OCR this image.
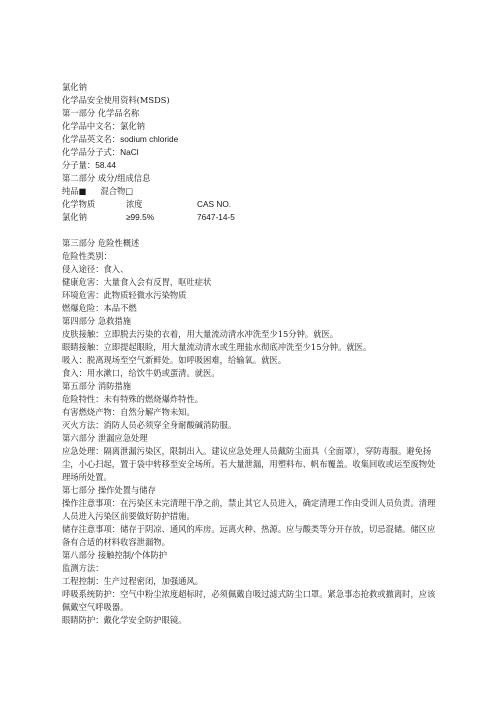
氯化钠
化学品安全使用资料(MSDS)
第一部分 化学品名称
化学品中文名：氯化钠
化学品英文名：sodium chloride
化学品分子式：NaCl
分子量：58.44
第二部分 成分/组成信息
纯品■ 混合物□
化学物质	浓度	CAS NO.
氯化钠	≥99.5%	7647-14-5
第三部分 危险性概述
危险性类别：
侵入途径：食入、
健康危害：大量食入会有反胃，呕吐症状
环境危害：此物质轻微水污染物质
燃爆危险：本品不燃
第四部分 急救措施
皮肤接触：立即脱去污染的衣着，用大量流动清水冲洗至少15分钟。就医。
眼睛接触：立即提起眼睑，用大量流动清水或生理盐水彻底冲洗至少15分钟。就医。
吸入：脱离现场至空气新鲜处。如呼吸困难，给输氧。就医。
食入：用水漱口，给饮牛奶或蛋清。就医。
第五部分 消防措施
危险特性：未有特殊的燃烧爆炸特性。
有害燃烧产物：自然分解产物未知。
灭火方法：消防人员必须穿全身耐酸碱消防服。
第六部分 泄漏应急处理
应急处理：隔离泄漏污染区，限制出入。建议应急处理人员戴防尘面具（全面罩），穿防毒服。避免扬尘，小心扫起，置于袋中转移至安全场所。若大量泄漏，用塑料布、帆布覆盖。收集回收或运至废物处理场所处置。
第七部分 操作处置与储存
操作注意事项：在污染区未完清理干净之前，禁止其它人员进入，确定清理工作由受训人员负责。清理人员进入污染区前要做好防护措施。
储存注意事项：储存于阴凉、通风的库房。远离火种、热源。应与酸类等分开存放，切忌混储。储区应备有合适的材料收容泄漏物。
第八部分 接触控制/个体防护
监测方法：
工程控制：生产过程密闭，加强通风。
呼吸系统防护：空气中粉尘浓度超标时，必须佩戴自吸过滤式防尘口罩。紧急事态抢救或撤离时，应该佩戴空气呼吸器。
眼睛防护：戴化学安全防护眼镜。
